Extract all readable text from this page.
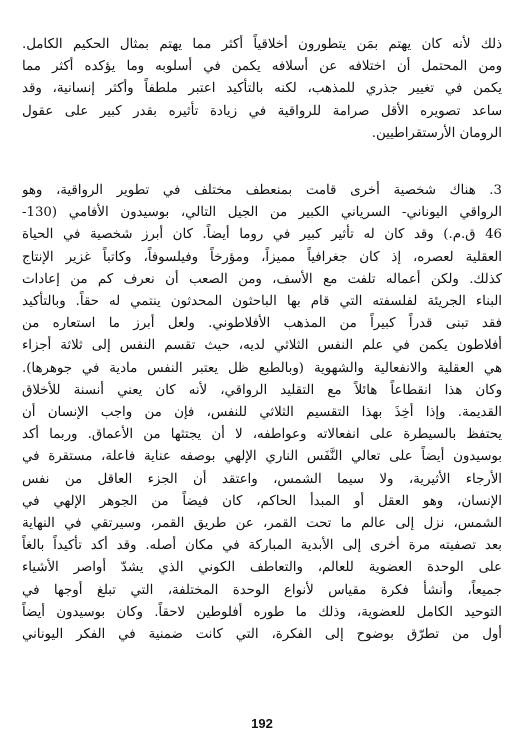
ذلك لأنه كان يهتم بمَن يتطورون أخلاقياً أكثر مما يهتم بمثال الحكيم الكامل.
ومن المحتمل أن اختلافه عن أسلافه يكمن في أسلوبه وما يؤكده أكثر مما
يكمن في تغيير جذري للمذهب، لكنه بالتأكيد اعتبر ملطفاً وأكثر إنسانية، وقد
ساعد تصويره الأقل صرامة للرواقية في زيادة تأثيره بقدر كبير على عقول
الرومان الأرستقراطيين.
3. هناك شخصية أخرى قامت بمنعطف مختلف في تطوير الرواقية، وهو
الرواقي اليوناني- السرياني الكبير من الجيل التالي، بوسيدون الأفامي (130-
46 ق.م.) وقد كان له تأثير كبير في روما أيضاً. كان أبرز شخصية في الحياة
العقلية لعصره، إذ كان جغرافياً مميزاً، ومؤرخاً وفيلسوفاً، وكاتباً غزير الإنتاج
كذلك. ولكن أعماله تلفت مع الأسف، ومن الصعب أن نعرف كم من إعادات
البناء الجريئة لفلسفته التي قام بها الباحثون المحدثون ينتمي له حقاً. وبالتأكيد
فقد تبنى قدراً كبيراً من المذهب الأفلاطوني. ولعل أبرز ما استعاره من
أفلاطون يكمن في علم النفس الثلاثي لديه، حيث تقسم النفس إلى ثلاثة أجزاء
هي العقلية والانفعالية والشهوية (وبالطبع ظل يعتبر النفس مادية في جوهرها).
وكان هذا انقطاعاً هائلاً مع التقليد الرواقي، لأنه كان يعني أنسنة للأخلاق
القديمة. وإذا أُخِذَ بهذا التقسيم الثلاثي للنفس، فإن من واجب الإنسان أن
يحتفظ بالسيطرة على انفعالاته وعواطفه، لا أن يجتثها من الأعماق. وربما أكد
بوسيدون أيضاً على تعالي النَّفَس الناري الإلهي بوصفه عناية فاعلة، مستقرة في
الأرجاء الأثيرية، ولا سيما الشمس، واعتقد أن الجزء العاقل من نفس
الإنسان، وهو العقل أو المبدأ الحاكم، كان فيضاً من الجوهر الإلهي في
الشمس، نزل إلى عالم ما تحت القمر، عن طريق القمر، وسيرتقي في النهاية
بعد تصفيته مرة أخرى إلى الأبدية المباركة في مكان أصله. وقد أكد تأكيداً بالغاً
على الوحدة العضوية للعالم، والتعاطف الكوني الذي يشدّ أواصر الأشياء
جميعاً، وأنشأ فكرة مقياس لأنواع الوحدة المختلفة، التي تبلغ أوجها في
التوحيد الكامل للعضوية، وذلك ما طوره أفلوطين لاحقاً. وكان بوسيدون أيضاً
أول من تطرّق بوضوح إلى الفكرة، التي كانت ضمنية في الفكر اليوناني
192
